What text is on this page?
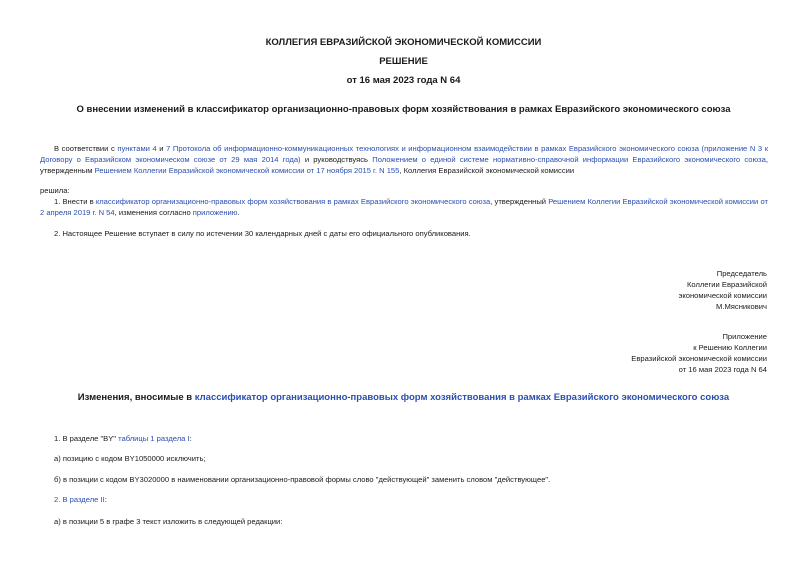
КОЛЛЕГИЯ ЕВРАЗИЙСКОЙ ЭКОНОМИЧЕСКОЙ КОМИССИИ
РЕШЕНИЕ
от 16 мая 2023 года N 64
О внесении изменений в классификатор организационно-правовых форм хозяйствования в рамках Евразийского экономического союза
В соответствии с пунктами 4 и 7 Протокола об информационно-коммуникационных технологиях и информационном взаимодействии в рамках Евразийского экономического союза (приложение N 3 к Договору о Евразийском экономическом союзе от 29 мая 2014 года) и руководствуясь Положением о единой системе нормативно-справочной информации Евразийского экономического союза, утвержденным Решением Коллегии Евразийской экономической комиссии от 17 ноября 2015 г. N 155, Коллегия Евразийской экономической комиссии
решила:
1. Внести в классификатор организационно-правовых форм хозяйствования в рамках Евразийского экономического союза, утвержденный Решением Коллегии Евразийской экономической комиссии от 2 апреля 2019 г. N 54, изменения согласно приложению.
2. Настоящее Решение вступает в силу по истечении 30 календарных дней с даты его официального опубликования.
Председатель
Коллегии Евразийской
экономической комиссии
М.Мясникович
Приложение
к Решению Коллегии
Евразийской экономической комиссии
от 16 мая 2023 года N 64
Изменения, вносимые в классификатор организационно-правовых форм хозяйствования в рамках Евразийского экономического союза
1. В разделе "BY" таблицы 1 раздела I:
а) позицию с кодом BY1050000 исключить;
б) в позиции с кодом BY3020000 в наименовании организационно-правовой формы слово "действующей" заменить словом "действующее".
2. В разделе II:
а) в позиции 5 в графе 3 текст изложить в следующей редакции:
